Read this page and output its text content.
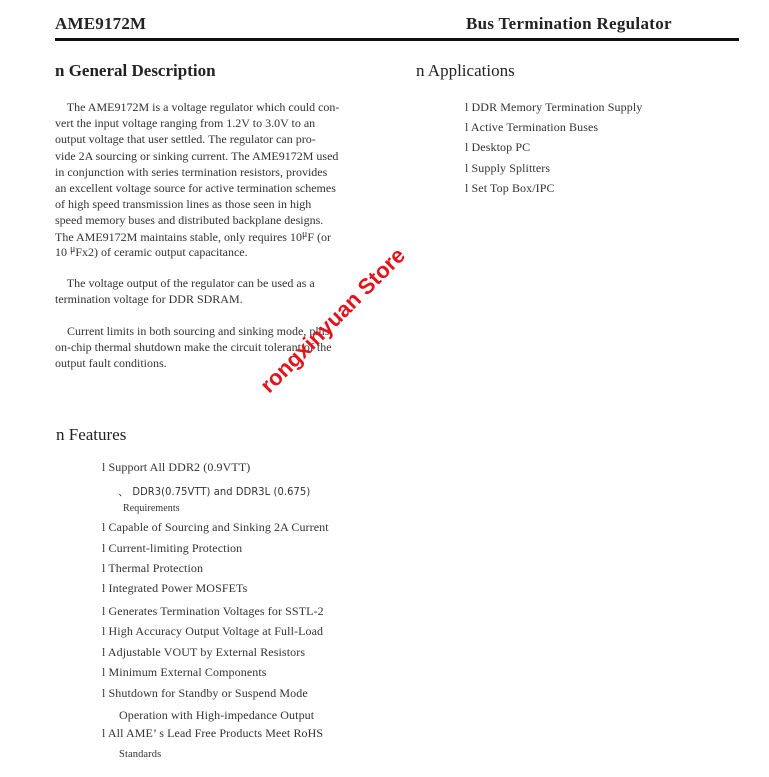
AME9172M	Bus Termination Regulator
n General Description
The AME9172M is a voltage regulator which could con-
vert the input voltage ranging from 1.2V to 3.0V to an
output voltage that user settled. The regulator can pro-
vide 2A sourcing or sinking current. The AME9172M used
in conjunction with series termination resistors, provides
an excellent voltage source for active termination schemes
of high speed transmission lines as those seen in high
speed memory buses and distributed backplane designs.
The AME9172M maintains stable, only requires $10^\mu F$ (or
10 $^\mu$Fx2) of ceramic output capacitance.
The voltage output of the regulator can be used as a
termination voltage for DDR SDRAM.
Current limits in both sourcing and sinking mode, plus
on-chip thermal shutdown make the circuit tolerant of the
output fault conditions.
n Applications
l DDR Memory Termination Supply
l Active Termination Buses
l Desktop PC
l Supply Splitters
l Set Top Box/IPC
n Features
l Support All DDR2 (0.9VTT)
、 DDR3(0.75VTT) and DDR3L (0.675)
Requirements
l Capable of Sourcing and Sinking 2A Current
l Current-limiting Protection
l Thermal Protection
l Integrated Power MOSFETs
l Generates Termination Voltages for SSTL-2
l High Accuracy Output Voltage at Full-Load
l Adjustable VOUT by External Resistors
l Minimum External Components
l Shutdown for Standby or Suspend Mode
Operation with High-impedance Output
l All AME’ s Lead Free Products Meet RoHS
Standards
rongxinyuan Store
